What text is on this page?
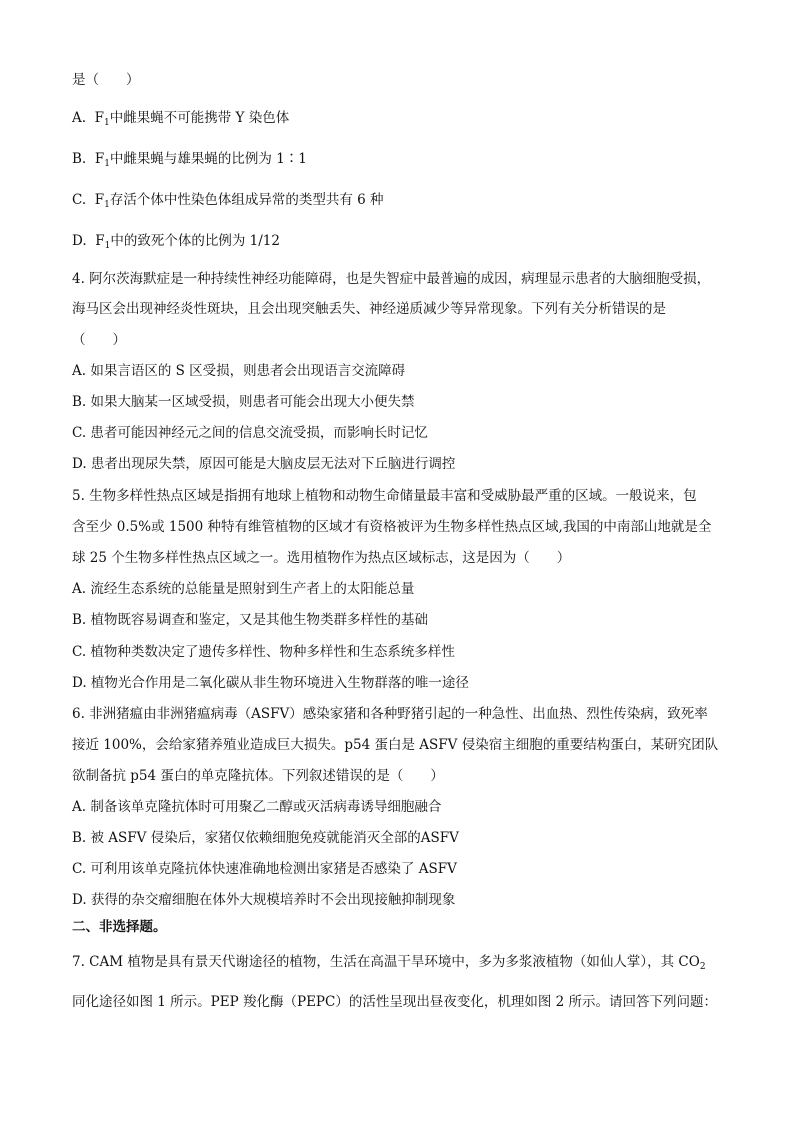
是（　　）
A. $F_1$中雌果蝇不可能携带 Y 染色体
B. $F_1$中雌果蝇与雄果蝇的比例为 1∶1
C. $F_1$存活个体中性染色体组成异常的类型共有 6 种
D. $F_1$中的致死个体的比例为 1/12
4. 阿尔茨海默症是一种持续性神经功能障碍，也是失智症中最普遍的成因，病理显示患者的大脑细胞受损，
海马区会出现神经炎性斑块，且会出现突触丢失、神经递质减少等异常现象。下列有关分析错误的是
（　　）
A. 如果言语区的 S 区受损，则患者会出现语言交流障碍
B. 如果大脑某一区域受损，则患者可能会出现大小便失禁
C. 患者可能因神经元之间的信息交流受损，而影响长时记忆
D. 患者出现尿失禁，原因可能是大脑皮层无法对下丘脑进行调控
5. 生物多样性热点区域是指拥有地球上植物和动物生命储量最丰富和受威胁最严重的区域。一般说来，包
含至少 0.5%或 1500 种特有维管植物的区域才有资格被评为生物多样性热点区域,我国的中南部山地就是全
球 25 个生物多样性热点区域之一。选用植物作为热点区域标志，这是因为（　　）
A. 流经生态系统的总能量是照射到生产者上的太阳能总量
B. 植物既容易调查和鉴定，又是其他生物类群多样性的基础
C. 植物种类数决定了遗传多样性、物种多样性和生态系统多样性
D. 植物光合作用是二氧化碳从非生物环境进入生物群落的唯一途径
6. 非洲猪瘟由非洲猪瘟病毒（ASFV）感染家猪和各种野猪引起的一种急性、出血热、烈性传染病，致死率
接近 100%，会给家猪养殖业造成巨大损失。p54 蛋白是 ASFV 侵染宿主细胞的重要结构蛋白，某研究团队
欲制备抗 p54 蛋白的单克隆抗体。下列叙述错误的是（　　）
A. 制备该单克隆抗体时可用聚乙二醇或灭活病毒诱导细胞融合
B. 被 ASFV 侵染后，家猪仅依赖细胞免疫就能消灭全部的ASFV
C. 可利用该单克隆抗体快速准确地检测出家猪是否感染了 ASFV
D. 获得的杂交瘤细胞在体外大规模培养时不会出现接触抑制现象
二、非选择题。
7. CAM 植物是具有景天代谢途径的植物，生活在高温干旱环境中，多为多浆液植物（如仙人掌），其 $CO_2$
同化途径如图 1 所示。PEP 羧化酶（PEPC）的活性呈现出昼夜变化，机理如图 2 所示。请回答下列问题：
